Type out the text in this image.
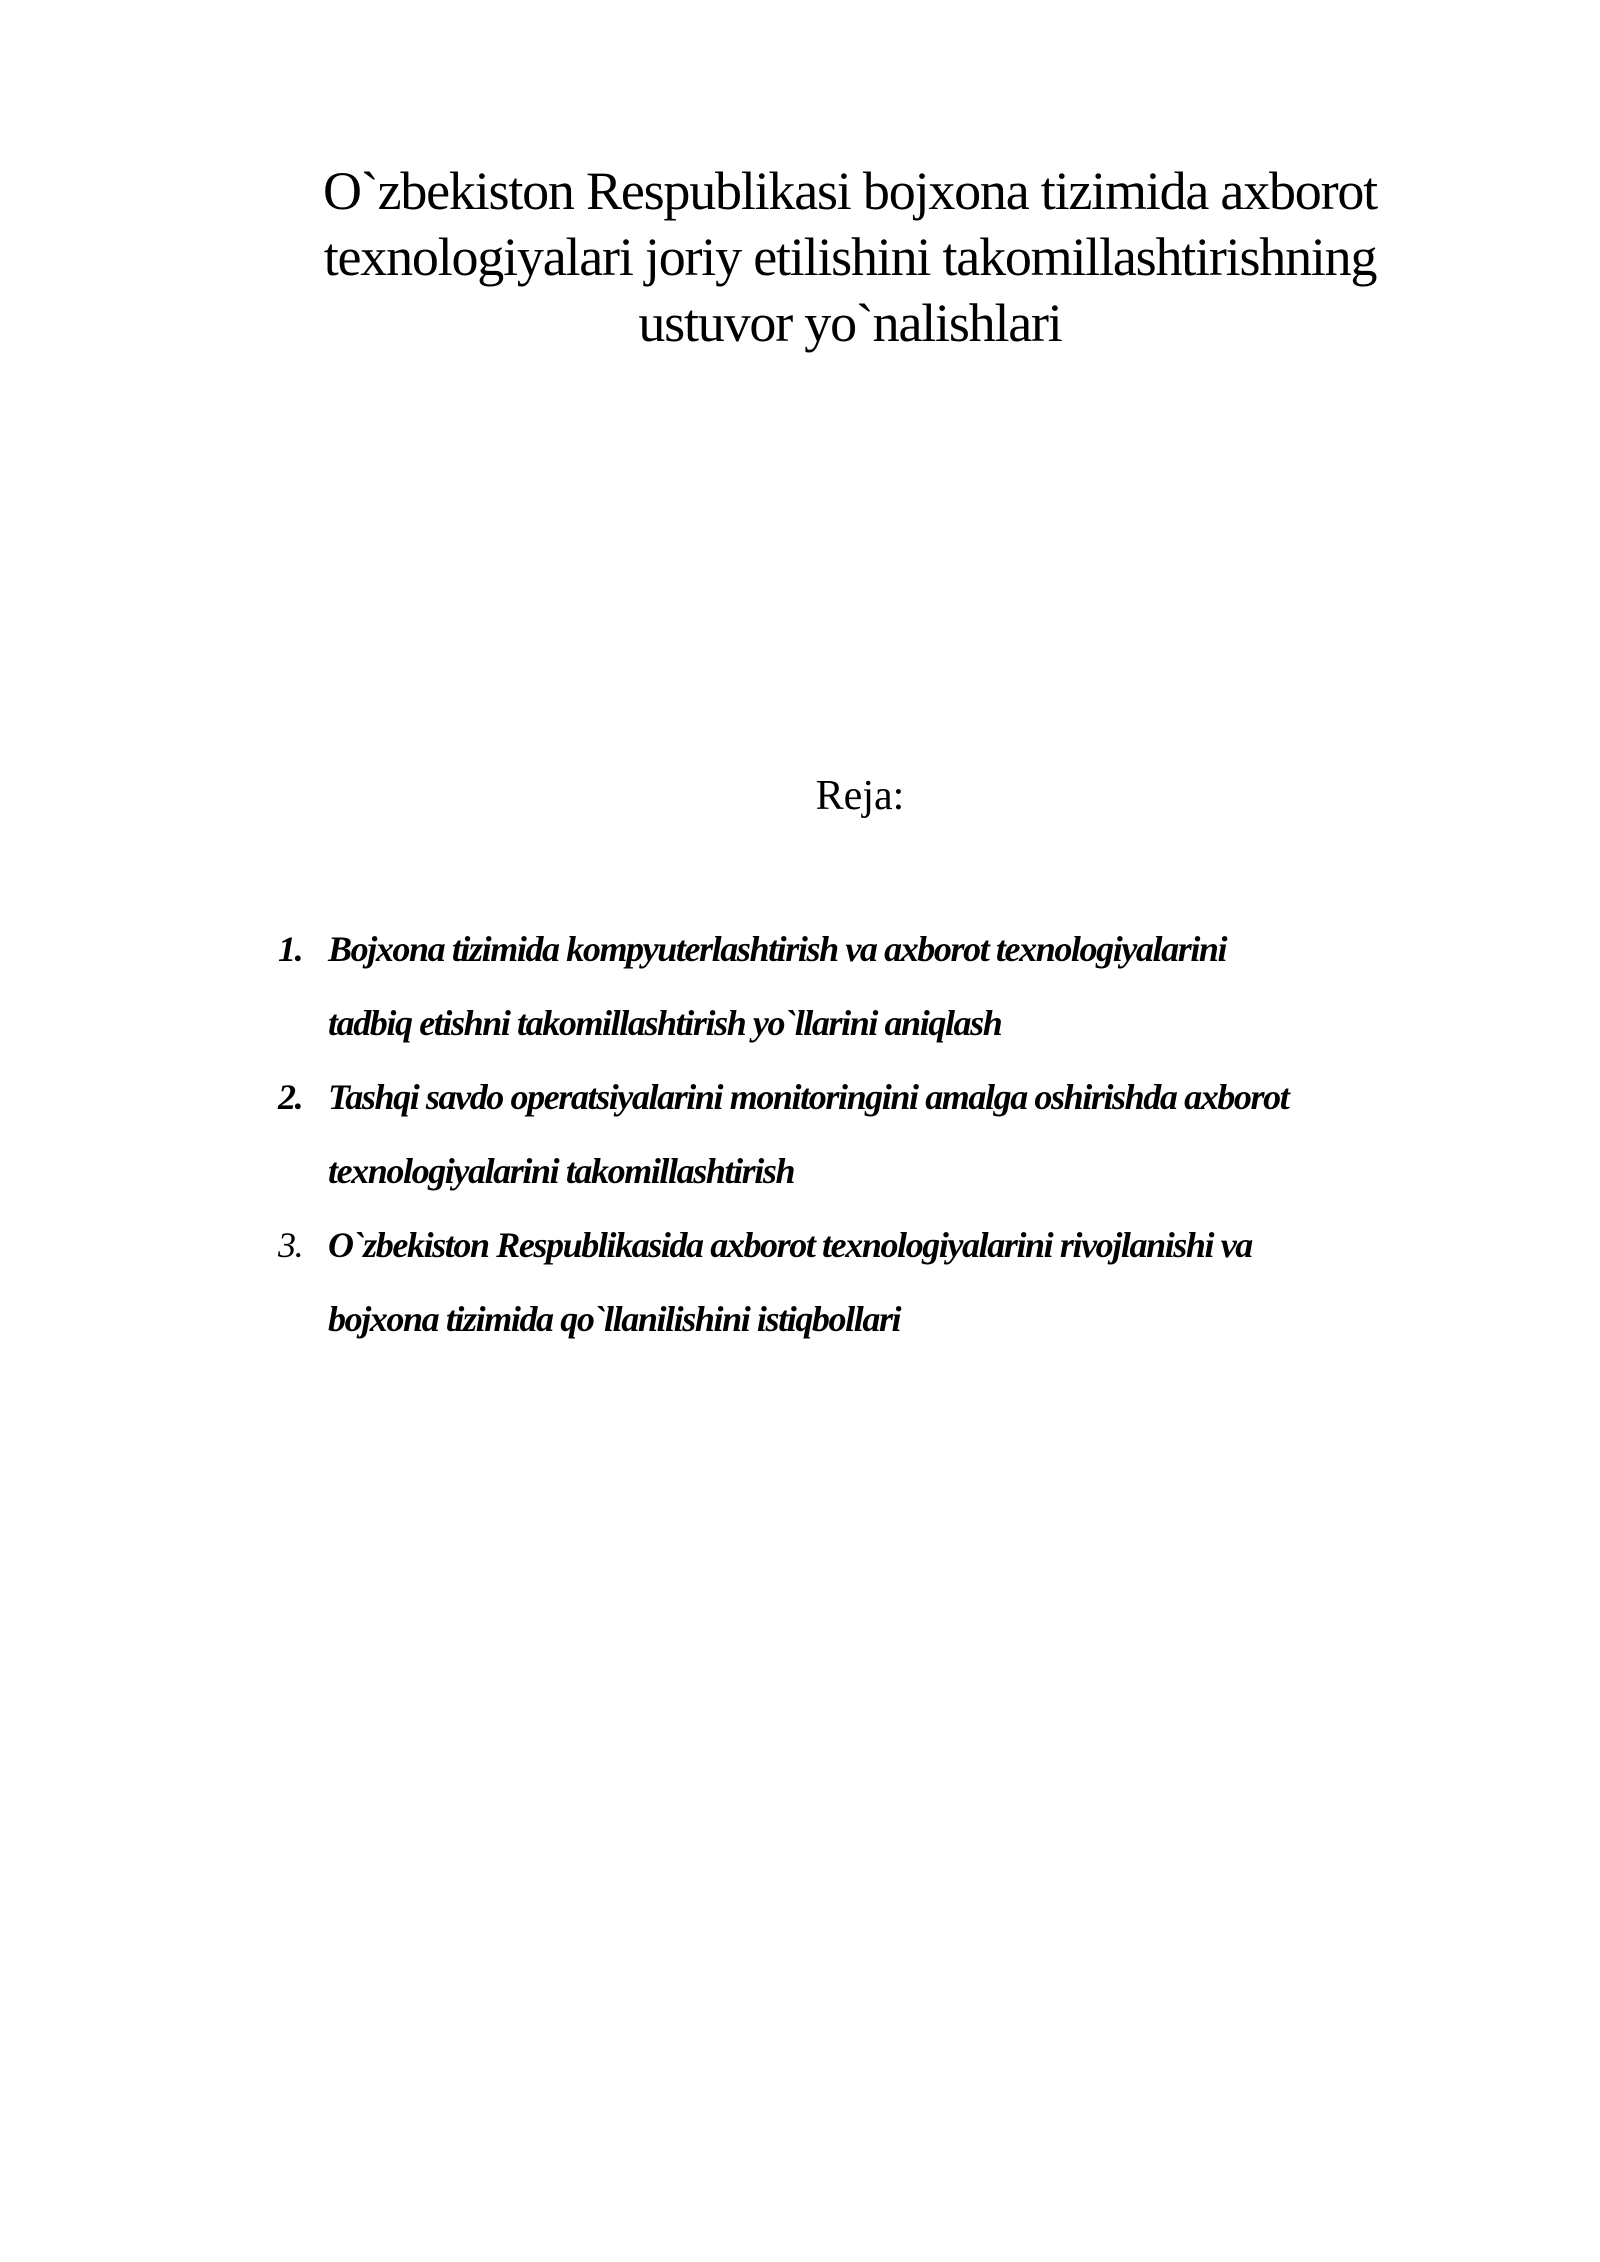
O`zbekiston Respublikasi bojxona tizimida axborot
texnologiyalari joriy etilishini takomillashtirishning
ustuvor yo`nalishlari
Reja:
1. Bojxona tizimida kompyuterlashtirish va axborot texnologiyalarini
tadbiq etishni takomillashtirish yo`llarini aniqlash
2. Tashqi savdo operatsiyalarini monitoringini amalga oshirishda axborot
texnologiyalarini takomillashtirish
3. O`zbekiston Respublikasida axborot texnologiyalarini rivojlanishi va
bojxona tizimida qo`llanilishini istiqbollari
